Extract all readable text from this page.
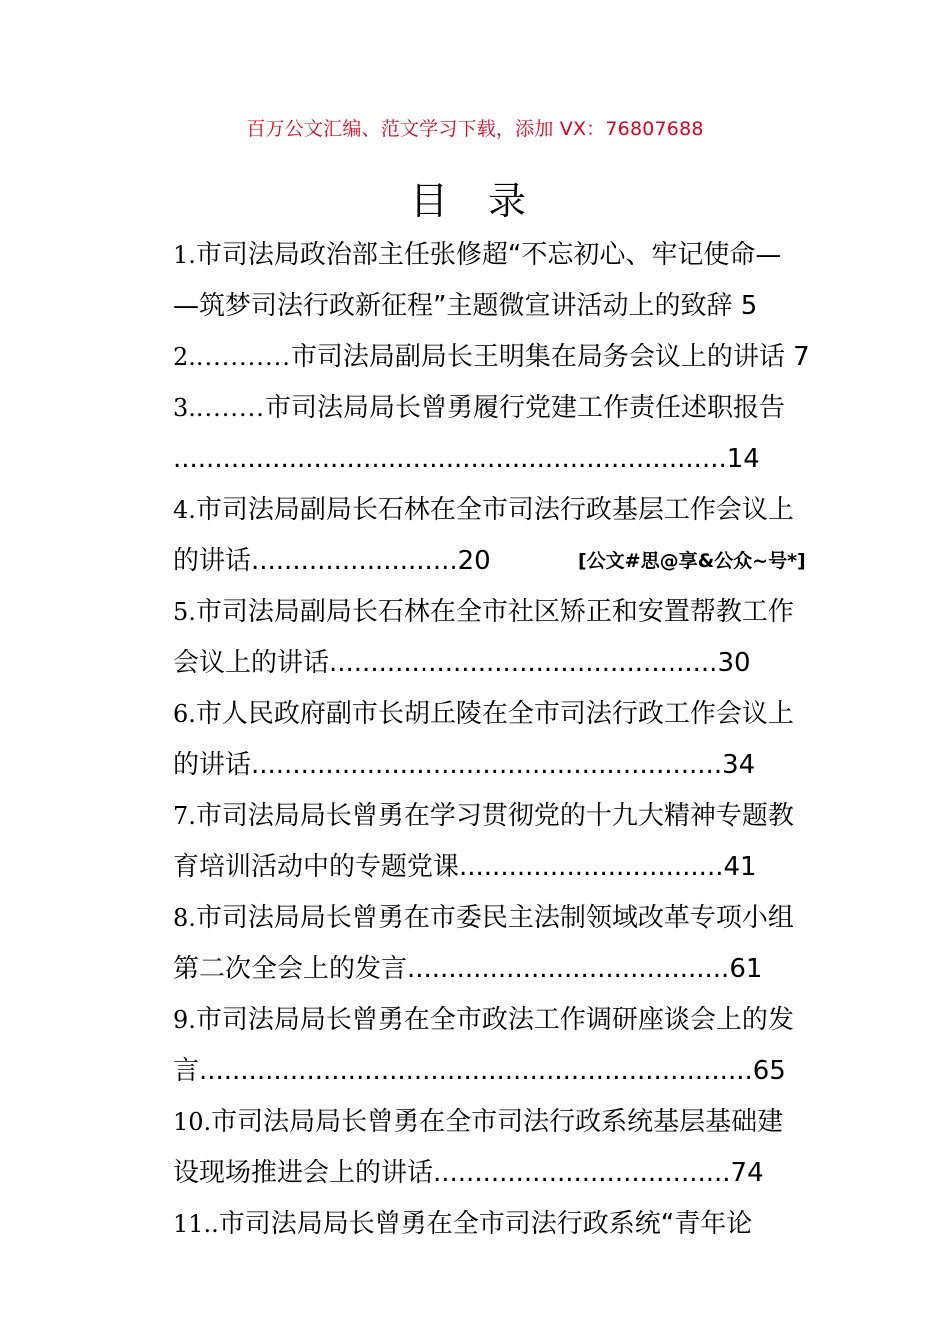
百万公文汇编、范文学习下载，添加 VX：76807688
目 录
1.市司法局政治部主任张修超“不忘初心、牢记使命—
—筑梦司法行政新征程”主题微宣讲活动上的致辞 5
2............市司法局副局长王明集在局务会议上的讲话 7
3.........市司法局局长曾勇履行党建工作责任述职报告
...................................................................14
4.市司法局副局长石林在全市司法行政基层工作会议上
的讲话.........................20	[公文#思@享&公众~号*]
5.市司法局副局长石林在全市社区矫正和安置帮教工作
会议上的讲话...............................................30
6.市人民政府副市长胡丘陵在全市司法行政工作会议上
的讲话.........................................................34
7.市司法局局长曾勇在学习贯彻党的十九大精神专题教
育培训活动中的专题党课................................41
8.市司法局局长曾勇在市委民主法制领域改革专项小组
第二次全会上的发言.......................................61
9.市司法局局长曾勇在全市政法工作调研座谈会上的发
言...................................................................65
10.市司法局局长曾勇在全市司法行政系统基层基础建
设现场推进会上的讲话....................................74
11..市司法局局长曾勇在全市司法行政系统“青年论
